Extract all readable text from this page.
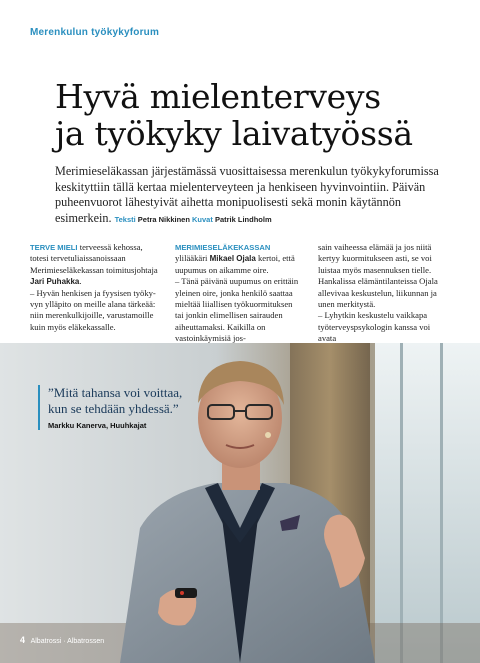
Merenkulun työkykyforum
Hyvä mielenterveys
ja työkyky laivatyössä

Merimieseläkassan järjestämässä vuosittaisessa merenkulun työkykyforumissa keskityttiin tällä kertaa mielenterveyteen ja henkiseen hyvinvointiin. Päivän puheenvuorot lähestyivät aihetta monipuolisesti sekä monin käytännön esimerkein. Teksti Petra Nikkinen Kuvat Patrik Lindholm

TERVE MIELI terveessä kehossa, totesi tervetuliaissanoissaan Merimieseläkekassan toimitusjohtaja Jari Puhakka.

– Hyvän henkisen ja fyysisen työkyvyn ylläpito on meille alana tärkeää: niin merenkulkijoille, varustamoille kuin myös eläkekassalle.

MERIMIESELÄKEKASSAN ylilääkäri Mikael Ojala kertoi, että uupumus on aikamme oire.

– Tänä päivänä uupumus on erittäin yleinen oire, jonka henkilö saattaa mieltää liiallisen työkuormituksen tai jonkin elimellisen sairauden aiheuttamaksi. Kaikilla on vastoinkäymisiä jos-

sain vaiheessa elämää ja jos niitä kertyy kuormitukseen asti, se voi luistaa myös masennuksen tielle.

Hankalissa elämäntilanteissa Ojala allevivaa keskustelun, liikunnan ja unen merkitystä.

– Lyhytkin keskustelu vaikkapa työterveyspsykologin kanssa voi avata

”Mitä tahansa voi voittaa, kun se tehdään yhdessä.”

Markku Kanerva, Huuhkajat
4 Albatrossi · Albatrossen
